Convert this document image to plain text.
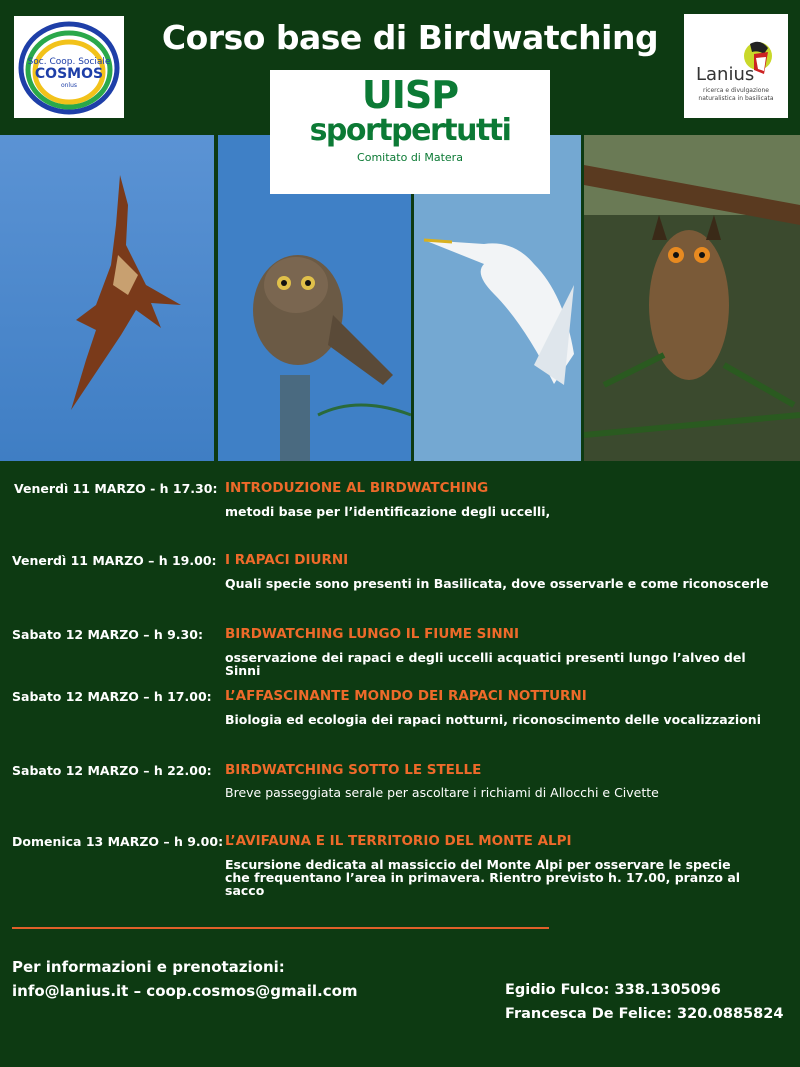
Soc. Coop. Sociale
COSMOS
onlus
Corso base di Birdwatching
Lanius
ricerca e divulgazione
naturalistica in basilicata
UISP
sportpertutti
Comitato di Matera
Venerdì 11 MARZO - h 17.30: INTRODUZIONE AL BIRDWATCHING
metodi base per l’identificazione degli uccelli,
Venerdì 11 MARZO – h 19.00: I RAPACI DIURNI
Quali specie sono presenti in Basilicata, dove osservarle e come riconoscerle
Sabato 12 MARZO – h 9.30: BIRDWATCHING LUNGO IL FIUME SINNI
osservazione dei rapaci e degli uccelli acquatici presenti lungo l’alveo del Sinni
Sabato 12 MARZO – h 17.00: L’AFFASCINANTE MONDO DEI RAPACI NOTTURNI
Biologia ed ecologia dei rapaci notturni, riconoscimento delle vocalizzazioni
Sabato 12 MARZO – h 22.00: BIRDWATCHING SOTTO LE STELLE
Breve passeggiata serale per ascoltare i richiami di Allocchi e Civette
Domenica 13 MARZO – h 9.00: L’AVIFAUNA E IL TERRITORIO DEL MONTE ALPI
Escursione dedicata al massiccio del Monte Alpi per osservare le specie che frequentano l’area in primavera. Rientro previsto h. 17.00, pranzo al sacco
Per informazioni e prenotazioni:
info@lanius.it – coop.cosmos@gmail.com	Egidio Fulco: 338.1305096
Francesca De Felice: 320.0885824
